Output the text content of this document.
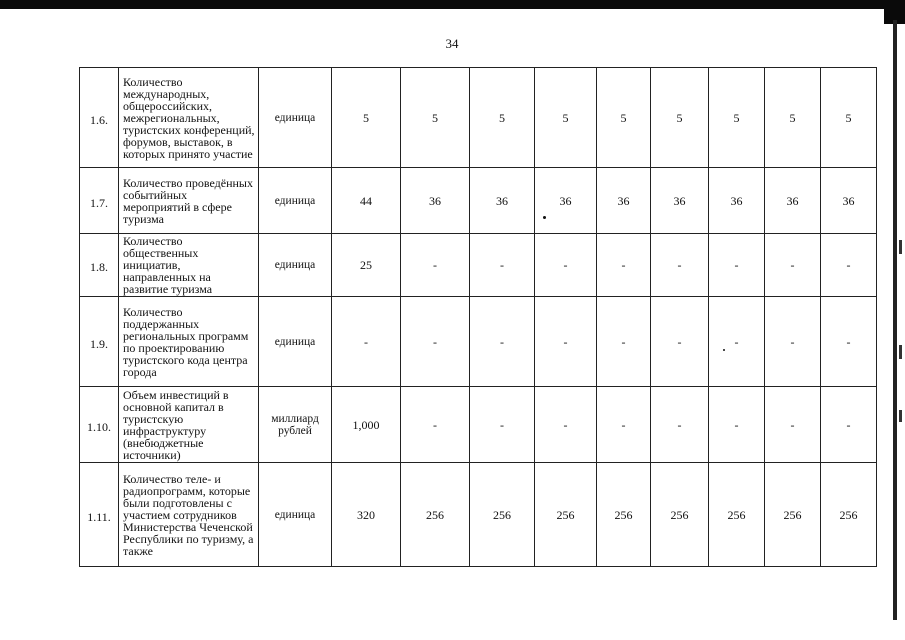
34
1.6.	Количество международных, общероссийских, межрегиональных, туристских конференций, форумов, выставок, в которых принято участие	единица	5	5	5	5	5	5	5	5	5
1.7.	Количество проведённых событийных мероприятий в сфере туризма	единица	44	36	36	36	36	36	36	36	36
1.8.	Количество общественных инициатив, направленных на развитие туризма	единица	25	-	-	-	-	-	-	-	-
1.9.	Количество поддержанных региональных программ по проектированию туристского кода центра города	единица	-	-	-	-	-	-	-	-	-
1.10.	Объем инвестиций в основной капитал в туристскую инфраструктуру (внебюджетные источники)	миллиард рублей	1,000	-	-	-	-	-	-	-	-
1.11.	Количество теле- и радиопрограмм, которые были подготовлены с участием сотрудников Министерства Чеченской Республики по туризму, а также	единица	320	256	256	256	256	256	256	256	256
